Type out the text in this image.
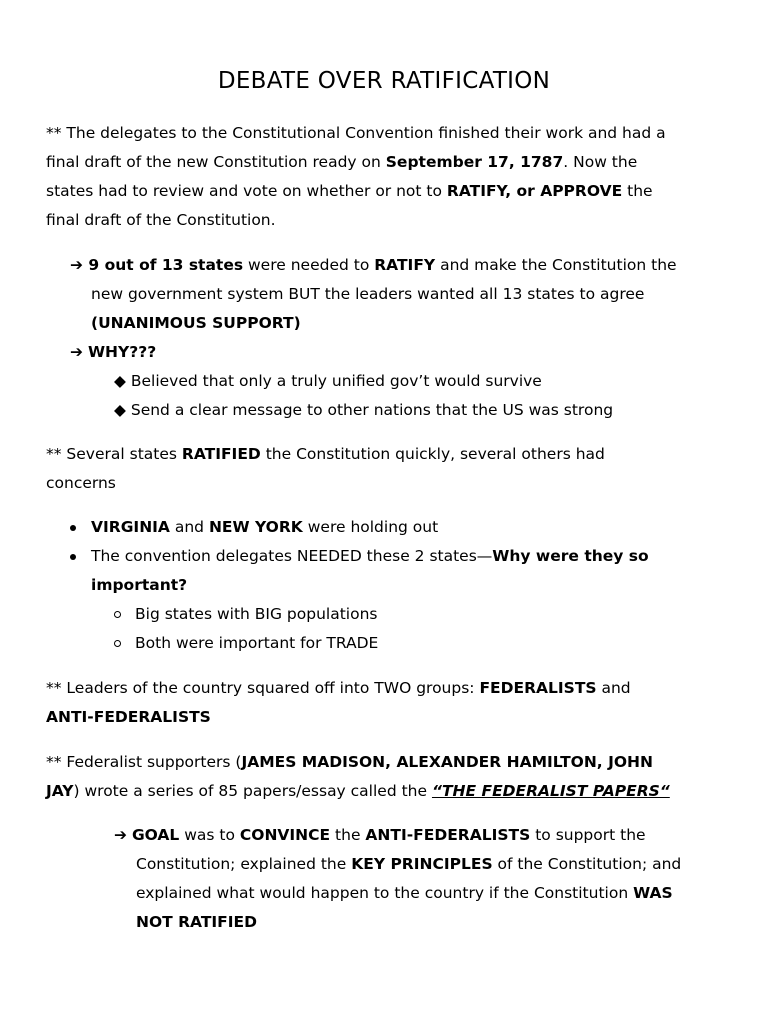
DEBATE OVER RATIFICATION
** The delegates to the Constitutional Convention finished their work and had a
final draft of the new Constitution ready on September 17, 1787. Now the
states had to review and vote on whether or not to RATIFY, or APPROVE the
final draft of the Constitution.
➔ 9 out of 13 states were needed to RATIFY and make the Constitution the
new government system BUT the leaders wanted all 13 states to agree
(UNANIMOUS SUPPORT)
➔ WHY???
◆ Believed that only a truly unified gov’t would survive
◆ Send a clear message to other nations that the US was strong
** Several states RATIFIED the Constitution quickly, several others had
concerns
VIRGINIA and NEW YORK were holding out
The convention delegates NEEDED these 2 states—Why were they so
important?
Big states with BIG populations
Both were important for TRADE
** Leaders of the country squared off into TWO groups: FEDERALISTS and
ANTI-FEDERALISTS
** Federalist supporters (JAMES MADISON, ALEXANDER HAMILTON, JOHN
JAY) wrote a series of 85 papers/essay called the “THE FEDERALIST PAPERS“
➔ GOAL was to CONVINCE the ANTI-FEDERALISTS to support the
Constitution; explained the KEY PRINCIPLES of the Constitution; and
explained what would happen to the country if the Constitution WAS
NOT RATIFIED
